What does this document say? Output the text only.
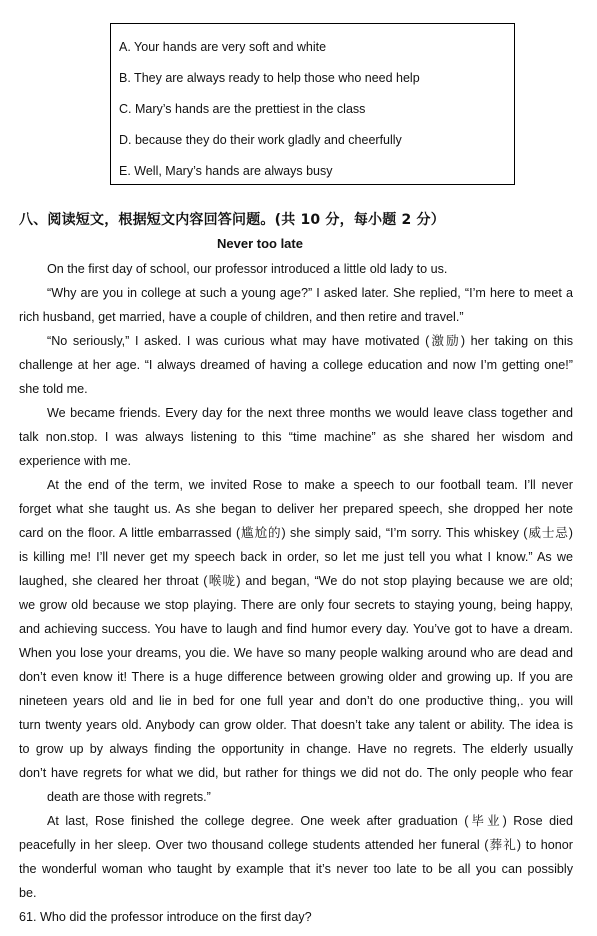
A. Your hands are very soft and white
B. They are always ready to help those who need help
C. Mary’s hands are the prettiest in the class
D. because they do their work gladly and cheerfully
E. Well, Mary’s hands are always busy
八、阅读短文，根据短文内容回答问题。(共 10 分，每小题 2 分）
Never too late
On the first day of school, our professor introduced a little old lady to us.
“Why are you in college at such a young age?” I asked later. She replied, “I’m here to meet a
rich husband, get married, have a couple of children, and then retire and travel.”
“No seriously,” I asked. I was curious what may have motivated (激励) her taking on this
challenge at her age. “I always dreamed of having a college education and now I’m getting one!”
she told me.
We became friends. Every day for the next three months we would leave class together and
talk non.stop. I was always listening to this “time machine” as she shared her wisdom and
experience with me.
At the end of the term, we invited Rose to make a speech to our football team. I’ll never
forget what she taught us. As she began to deliver her prepared speech, she dropped her note
card on the floor. A little embarrassed (尴尬的) she simply said, “I’m sorry. This whiskey (威士忌)
is killing me! I’ll never get my speech back in order, so let me just tell you what I know.” As we
laughed, she cleared her throat (喉咙) and began, “We do not stop playing because we are old;
we grow old because we stop playing. There are only four secrets to staying young, being happy,
and achieving success. You have to laugh and find humor every day. You’ve got to have a dream.
When you lose your dreams, you die. We have so many people walking around who are dead and
don’t even know it! There is a huge difference between growing older and growing up. If you are
nineteen years old and lie in bed for one full year and don’t do one productive thing,. you will
turn twenty years old. Anybody can grow older. That doesn’t take any talent or ability. The idea is
to grow up by always finding the opportunity in change. Have no regrets. The elderly usually
don’t have regrets for what we did, but rather for things we did not do. The only people who fear
death are those with regrets.”
At last, Rose finished the college degree. One week after graduation (毕业) Rose died
peacefully in her sleep. Over two thousand college students attended her funeral (葬礼) to honor
the wonderful woman who taught by example that it’s never too late to be all you can possibly
be.
61. Who did the professor introduce on the first day?
